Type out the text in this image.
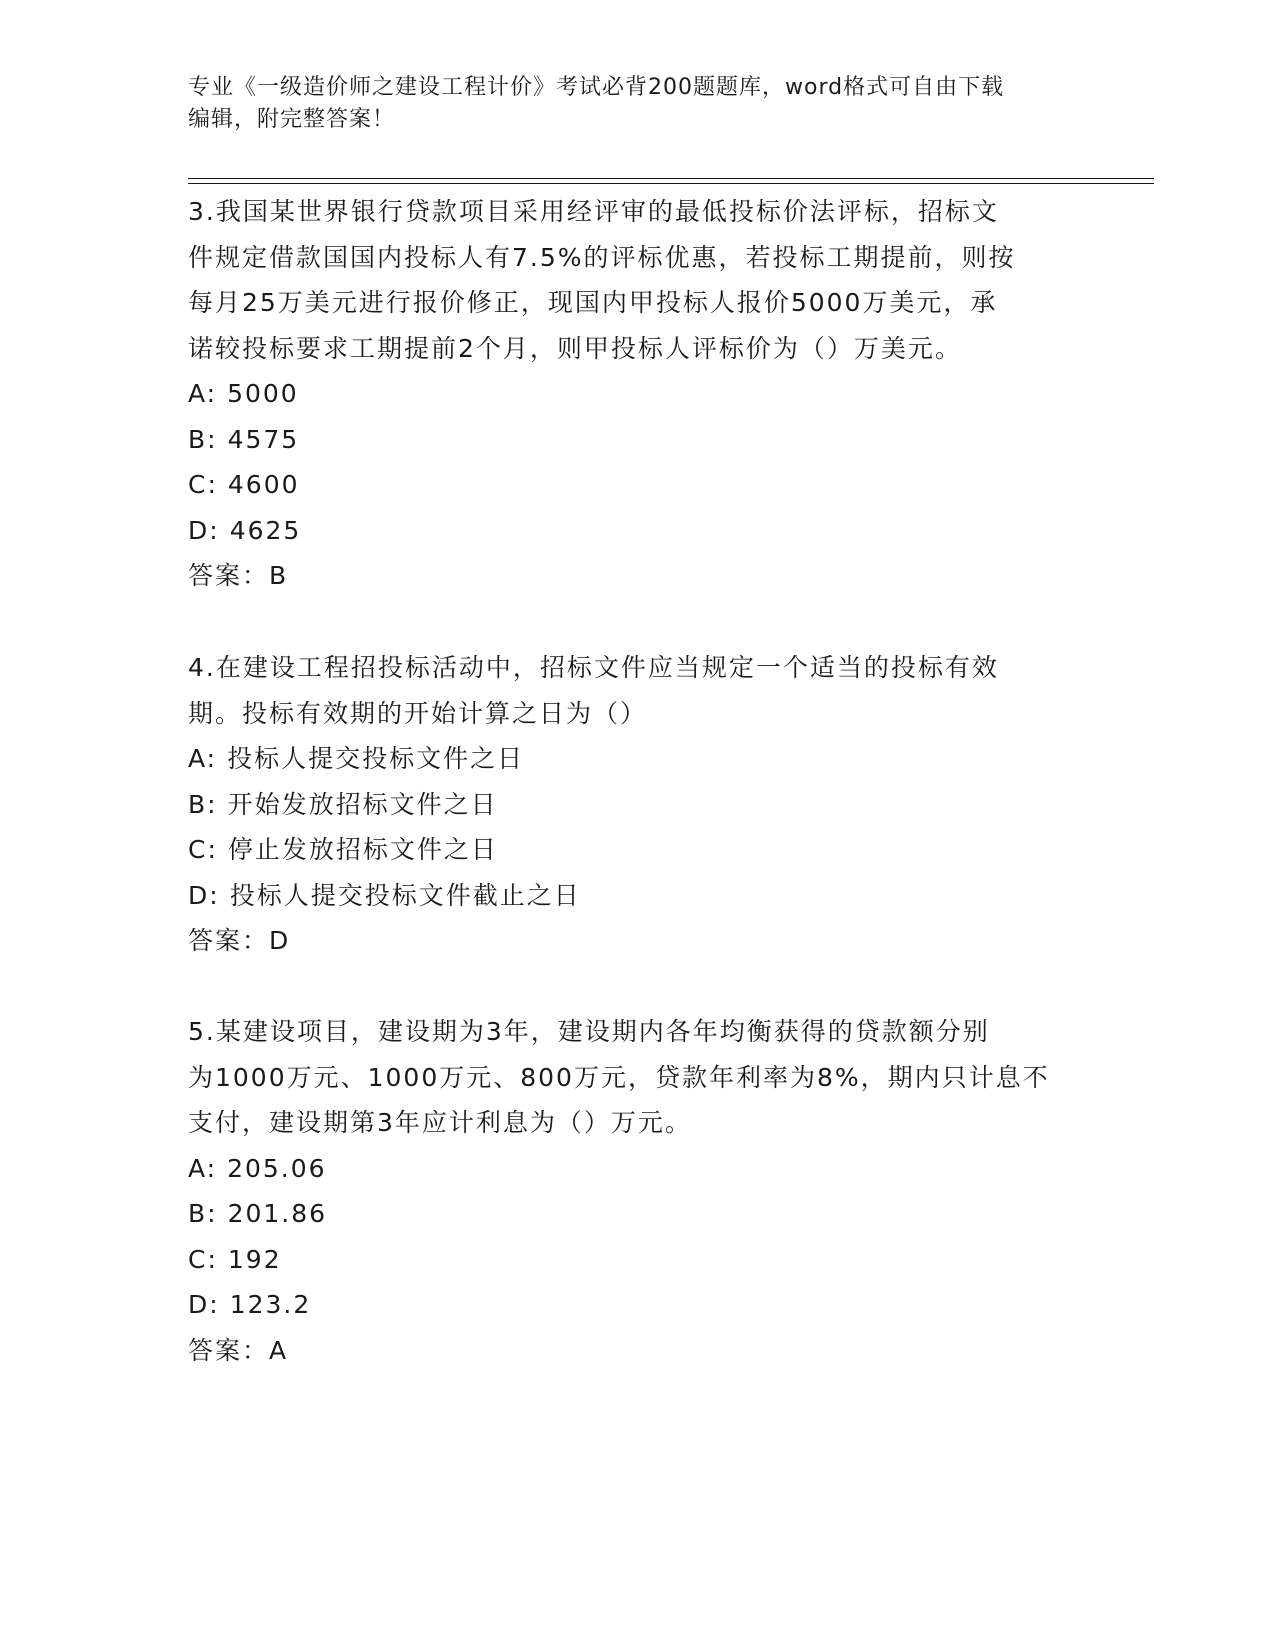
专业《一级造价师之建设工程计价》考试必背200题题库，word格式可自由下载
编辑，附完整答案！
3.我国某世界银行贷款项目采用经评审的最低投标价法评标，招标文
件规定借款国国内投标人有7.5%的评标优惠，若投标工期提前，则按
每月25万美元进行报价修正，现国内甲投标人报价5000万美元，承
诺较投标要求工期提前2个月，则甲投标人评标价为（）万美元。
A: 5000
B: 4575
C: 4600
D: 4625
答案：B
4.在建设工程招投标活动中，招标文件应当规定一个适当的投标有效
期。投标有效期的开始计算之日为（）
A: 投标人提交投标文件之日
B: 开始发放招标文件之日
C: 停止发放招标文件之日
D: 投标人提交投标文件截止之日
答案：D
5.某建设项目，建设期为3年，建设期内各年均衡获得的贷款额分别
为1000万元、1000万元、800万元，贷款年利率为8%，期内只计息不
支付，建设期第3年应计利息为（）万元。
A: 205.06
B: 201.86
C: 192
D: 123.2
答案：A
